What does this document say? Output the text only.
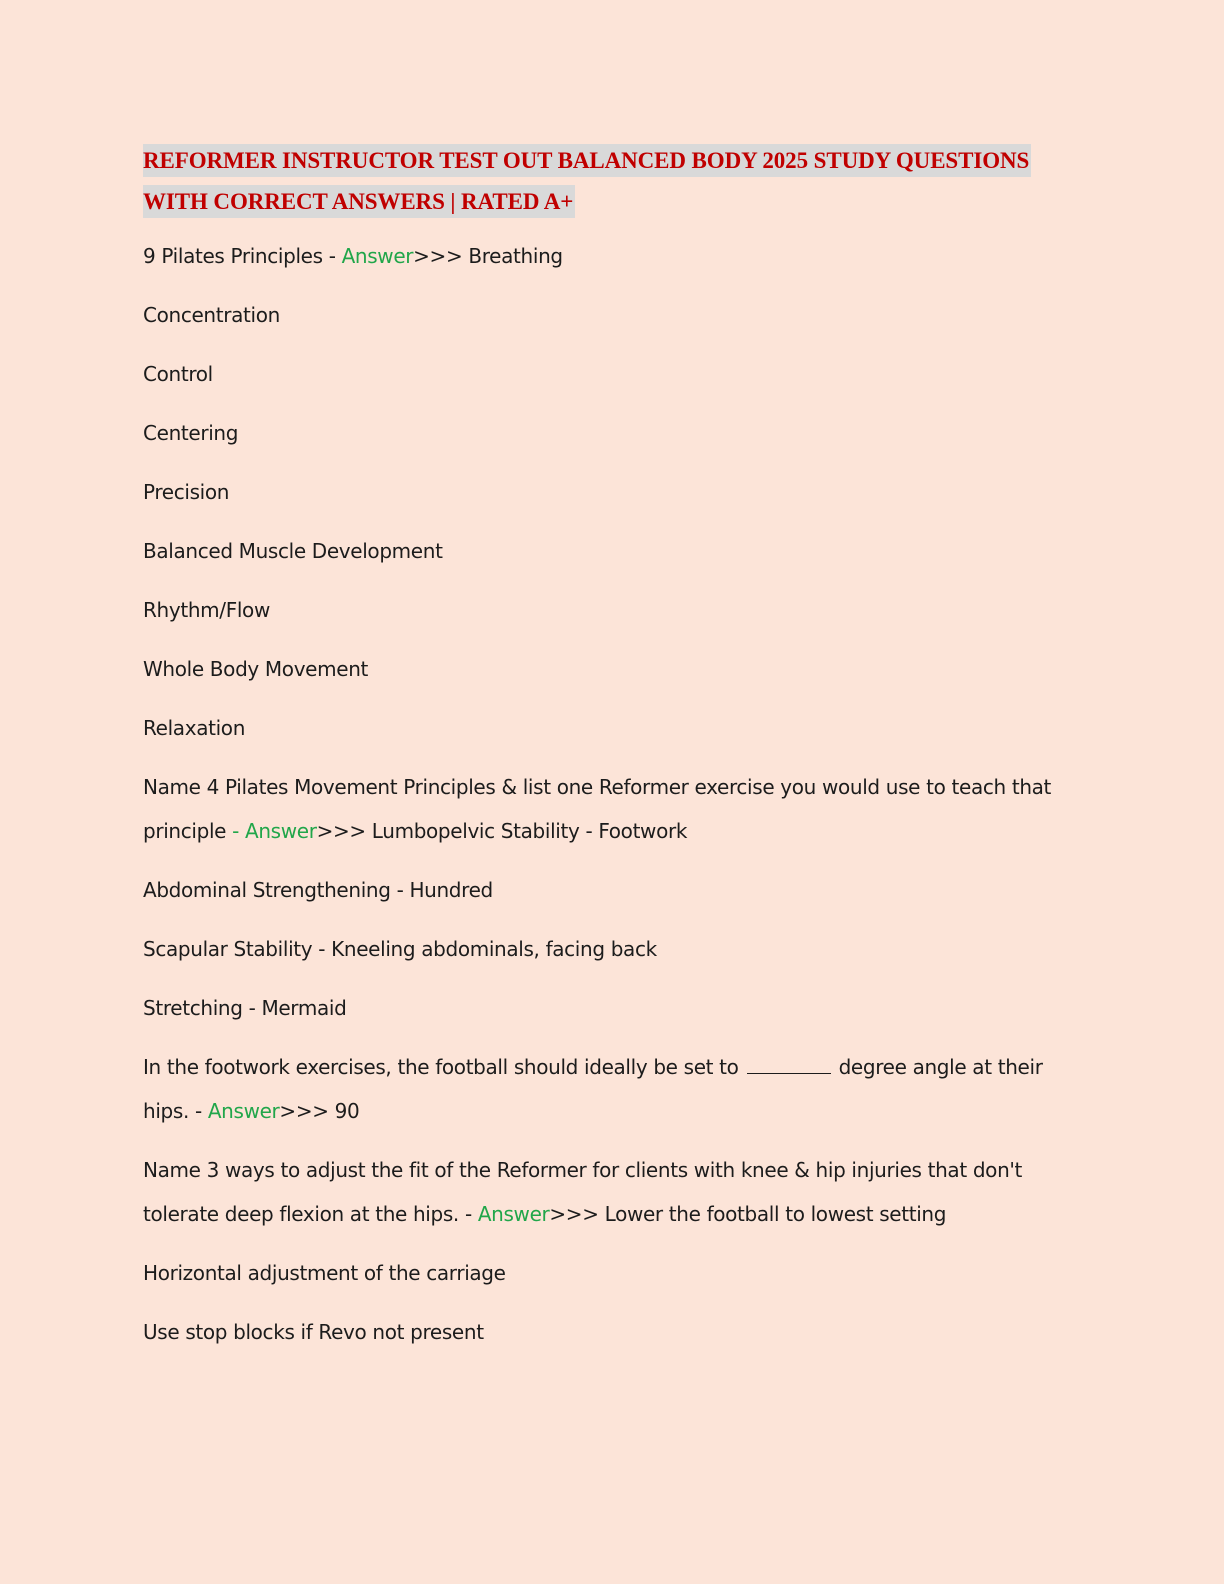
REFORMER INSTRUCTOR TEST OUT BALANCED BODY 2025 STUDY QUESTIONS WITH CORRECT ANSWERS | RATED A+
9 Pilates Principles - Answer>>> Breathing
Concentration
Control
Centering
Precision
Balanced Muscle Development
Rhythm/Flow
Whole Body Movement
Relaxation
Name 4 Pilates Movement Principles & list one Reformer exercise you would use to teach that principle - Answer>>> Lumbopelvic Stability - Footwork
Abdominal Strengthening - Hundred
Scapular Stability - Kneeling abdominals, facing back
Stretching - Mermaid
In the footwork exercises, the football should ideally be set to	degree angle at their hips. - Answer>>> 90
Name 3 ways to adjust the fit of the Reformer for clients with knee & hip injuries that don't tolerate deep flexion at the hips. - Answer>>> Lower the football to lowest setting
Horizontal adjustment of the carriage
Use stop blocks if Revo not present
